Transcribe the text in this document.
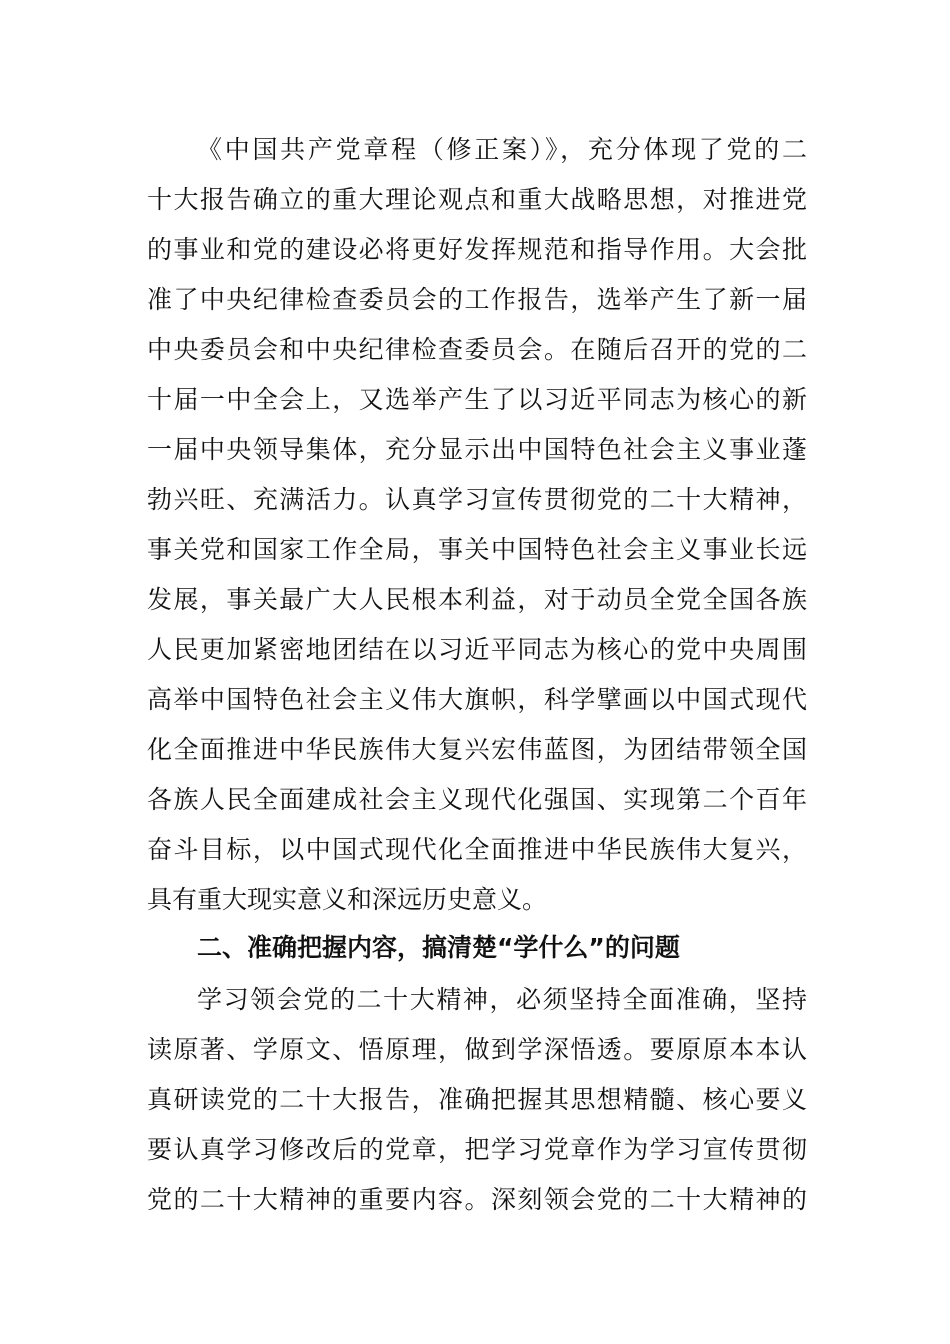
《中国共产党章程（修正案）》，充分体现了党的二
十大报告确立的重大理论观点和重大战略思想，对推进党
的事业和党的建设必将更好发挥规范和指导作用。大会批
准了中央纪律检查委员会的工作报告，选举产生了新一届
中央委员会和中央纪律检查委员会。在随后召开的党的二
十届一中全会上，又选举产生了以习近平同志为核心的新
一届中央领导集体，充分显示出中国特色社会主义事业蓬
勃兴旺、充满活力。认真学习宣传贯彻党的二十大精神，
事关党和国家工作全局，事关中国特色社会主义事业长远
发展，事关最广大人民根本利益，对于动员全党全国各族
人民更加紧密地团结在以习近平同志为核心的党中央周围
高举中国特色社会主义伟大旗帜，科学擘画以中国式现代
化全面推进中华民族伟大复兴宏伟蓝图，为团结带领全国
各族人民全面建成社会主义现代化强国、实现第二个百年
奋斗目标，以中国式现代化全面推进中华民族伟大复兴，
具有重大现实意义和深远历史意义。
二、准确把握内容，搞清楚“学什么”的问题
学习领会党的二十大精神，必须坚持全面准确，坚持
读原著、学原文、悟原理，做到学深悟透。要原原本本认
真研读党的二十大报告，准确把握其思想精髓、核心要义
要认真学习修改后的党章，把学习党章作为学习宣传贯彻
党的二十大精神的重要内容。深刻领会党的二十大精神的
